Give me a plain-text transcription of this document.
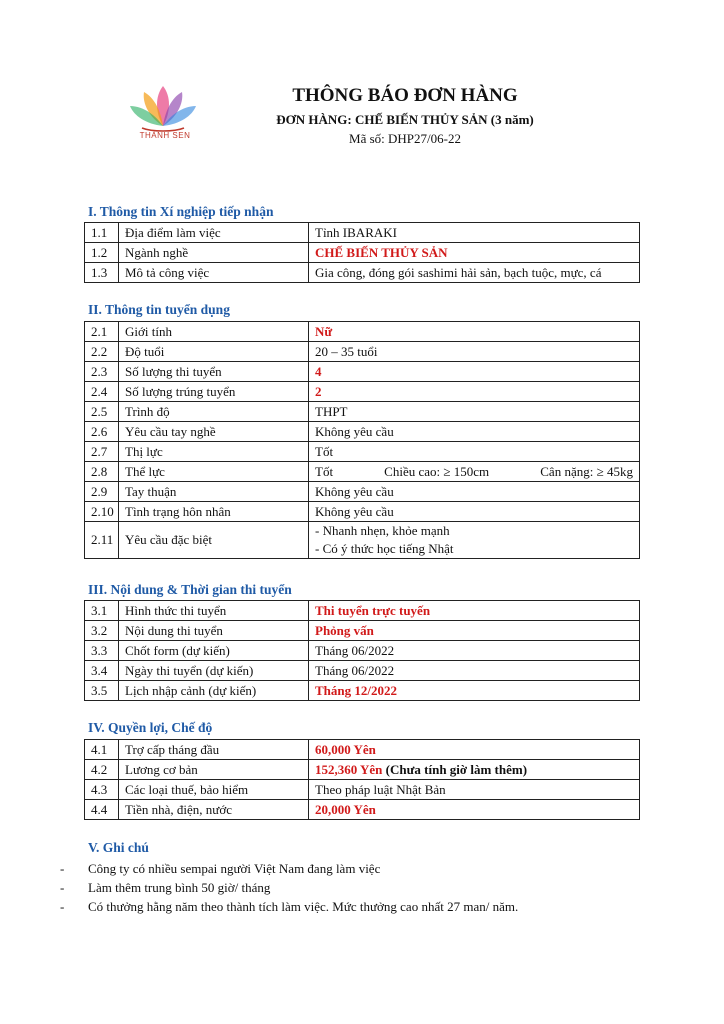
THÀNH SEN
THÔNG BÁO ĐƠN HÀNG
ĐƠN HÀNG: CHẾ BIẾN THỦY SẢN (3 năm)
Mã số: DHP27/06-22
I. Thông tin Xí nghiệp tiếp nhận
1.1	Địa điểm làm việc	Tỉnh IBARAKI
1.2	Ngành nghề	CHẾ BIẾN THỦY SẢN
1.3	Mô tả công việc	Gia công, đóng gói sashimi hải sản, bạch tuộc, mực, cá
II. Thông tin tuyển dụng
2.1	Giới tính	Nữ
2.2	Độ tuổi	20 – 35 tuổi
2.3	Số lượng thi tuyển	4
2.4	Số lượng trúng tuyển	2
2.5	Trình độ	THPT
2.6	Yêu cầu tay nghề	Không yêu cầu
2.7	Thị lực	Tốt
2.8	Thể lực	Tốt Chiều cao: ≥ 150cm Cân nặng: ≥ 45kg

2.9	Tay thuận	Không yêu cầu
2.10	Tình trạng hôn nhân	Không yêu cầu
2.11	Yêu cầu đặc biệt	- Nhanh nhẹn, khỏe mạnh
- Có ý thức học tiếng Nhật
III. Nội dung & Thời gian thi tuyển
3.1	Hình thức thi tuyển	Thi tuyển trực tuyến
3.2	Nội dung thi tuyển	Phỏng vấn
3.3	Chốt form (dự kiến)	Tháng 06/2022
3.4	Ngày thi tuyển (dự kiến)	Tháng 06/2022
3.5	Lịch nhập cảnh (dự kiến)	Tháng 12/2022
IV. Quyền lợi, Chế độ
4.1	Trợ cấp tháng đầu	60,000 Yên
4.2	Lương cơ bản	152,360 Yên (Chưa tính giờ làm thêm)
4.3	Các loại thuế, bảo hiểm	Theo pháp luật Nhật Bản
4.4	Tiền nhà, điện, nước	20,000 Yên
V. Ghi chú
-	Công ty có nhiều sempai người Việt Nam đang làm việc
-	Làm thêm trung bình 50 giờ/ tháng
-	Có thưởng hằng năm theo thành tích làm việc. Mức thưởng cao nhất 27 man/ năm.
